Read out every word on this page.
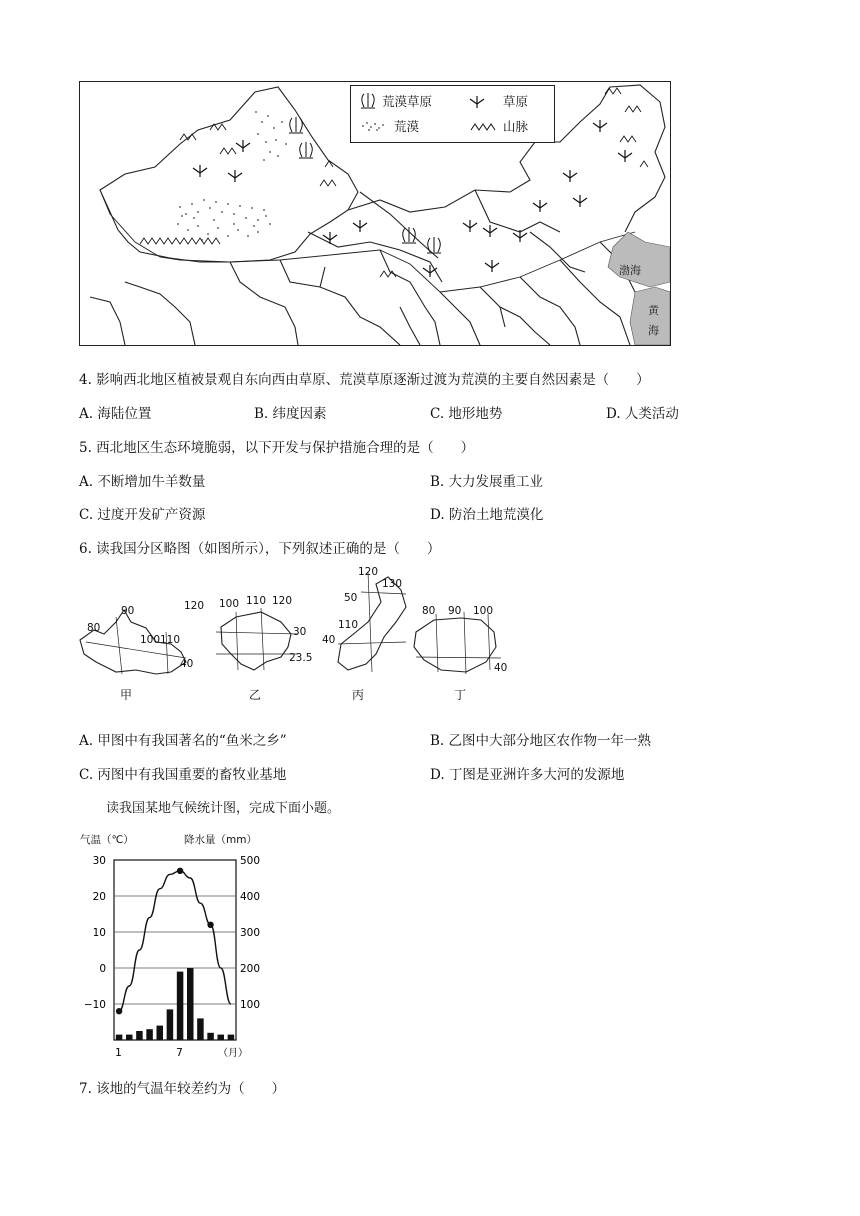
荒漠草原	草原
荒漠	山脉
渤海
黄
海
4. 影响西北地区植被景观自东向西由草原、荒漠草原逐渐过渡为荒漠的主要自然因素是（　　）
A. 海陆位置	B. 纬度因素	C. 地形地势	D. 人类活动
5. 西北地区生态环境脆弱，以下开发与保护措施合理的是（　　）
A. 不断增加牛羊数量	B. 大力发展重工业
C. 过度开发矿产资源	D. 防治土地荒漠化
6. 读我国分区略图（如图所示），下列叙述正确的是（　　）
80
90
100 110
120
40
100 110 120
30
23.5
120
130
50
110
40
80 90 100
40
甲	乙	丙	丁
A. 甲图中有我国著名的“鱼米之乡”	B. 乙图中大部分地区农作物一年一熟
C. 丙图中有我国重要的畜牧业基地	D. 丁图是亚洲许多大河的发源地
读我国某地气候统计图，完成下面小题。
气温（℃）	降水量（mm）
30
20
10
0
−10
500
400
300
200
100
1	7	（月）
7. 该地的气温年较差约为（　　）
